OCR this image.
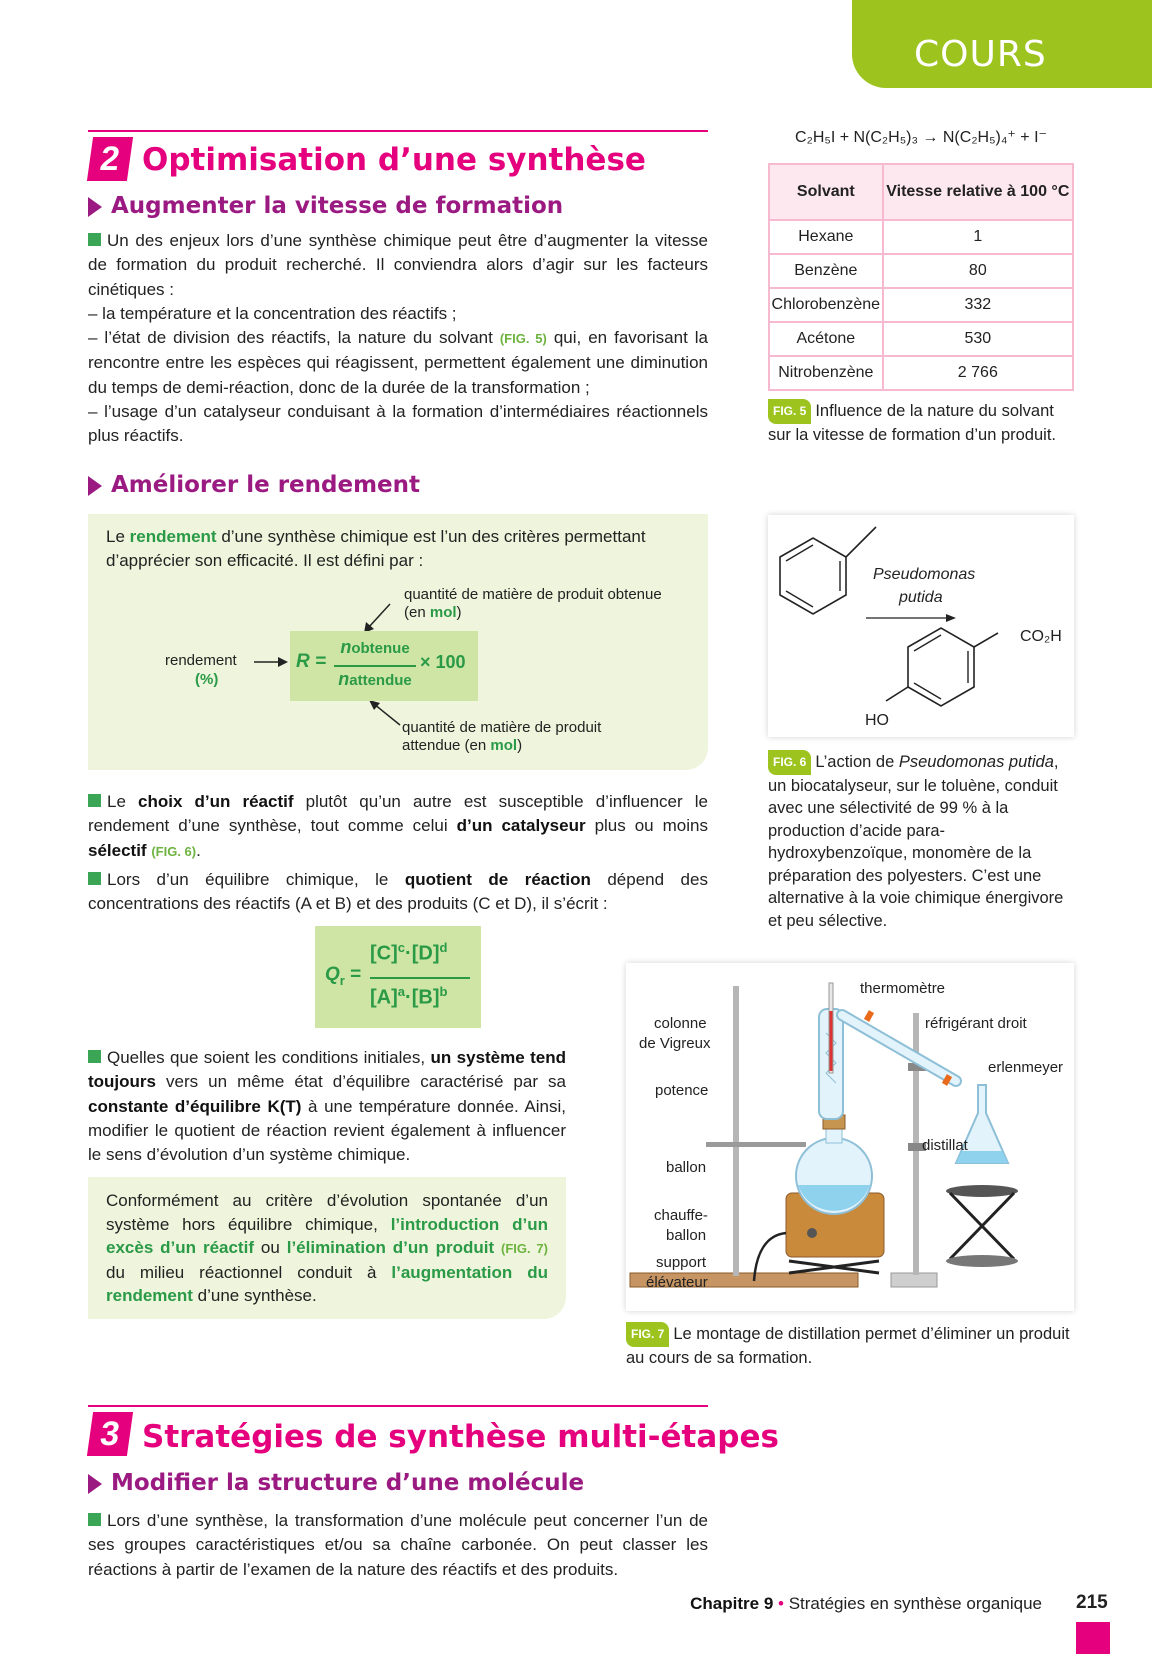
COURS
2 Optimisation d’une synthèse
Augmenter la vitesse de formation
Un des enjeux lors d’une synthèse chimique peut être d’augmenter la vitesse de formation du produit recherché. Il conviendra alors d’agir sur les facteurs cinétiques :
– la température et la concentration des réactifs ;
– l’état de division des réactifs, la nature du solvant (FIG. 5) qui, en favorisant la rencontre entre les espèces qui réagissent, permettent également une diminution du temps de demi-réaction, donc de la durée de la transformation ;
– l’usage d’un catalyseur conduisant à la formation d’intermédiaires réactionnels plus réactifs.
Améliorer le rendement
Le rendement d’une synthèse chimique est l’un des critères permettant d’apprécier son efficacité. Il est défini par :
quantité de matière de produit obtenue (en mol)
quantité de matière de produit attendue (en mol)
rendement
(%)
R =
nobtenue
nattendue
× 100
Le choix d’un réactif plutôt qu’un autre est susceptible d’influencer le rendement d’une synthèse, tout comme celui d’un catalyseur plus ou moins sélectif (FIG. 6).
Lors d’un équilibre chimique, le quotient de réaction dépend des concentrations des réactifs (A et B) et des produits (C et D), il s’écrit :
$Q_r$ =
$[C]^c\cdot[D]^d$
$[A]^a\cdot[B]^b$
Quelles que soient les conditions initiales, un système tend toujours vers un même état d’équilibre caractérisé par sa constante d’équilibre K(T) à une température donnée. Ainsi, modifier le quotient de réaction revient également à influencer le sens d’évolution d’un système chimique.
Conformément au critère d’évolution spontanée d’un système hors équilibre chimique, l’introduction d’un excès d’un réactif ou l’élimination d’un produit (FIG. 7) du milieu réactionnel conduit à l’augmentation du rendement d’une synthèse.
C₂H₅I + N(C₂H₅)₃ → N(C₂H₅)₄⁺ + I⁻
Solvant	Vitesse relative à 100 °C
Hexane	1
Benzène	80
Chlorobenzène	332
Acétone	530
Nitrobenzène	2 766
FIG. 5 Influence de la nature du solvant sur la vitesse de formation d’un produit.
Pseudomonas
putida
CO₂H
HO
FIG. 6 L’action de Pseudomonas putida, un biocatalyseur, sur le toluène, conduit avec une sélectivité de 99 % à la production d’acide para-hydroxybenzoïque, monomère de la préparation des polyesters. C’est une alternative à la voie chimique énergivore et peu sélective.
thermomètre
colonne
de Vigreux
réfrigérant droit
erlenmeyer
potence
distillat
ballon
chauffe-
ballon
support
élévateur
FIG. 7 Le montage de distillation permet d’éliminer un produit au cours de sa formation.
3 Stratégies de synthèse multi-étapes
Modifier la structure d’une molécule
Lors d’une synthèse, la transformation d’une molécule peut concerner l’un de ses groupes caractéristiques et/ou sa chaîne carbonée. On peut classer les réactions à partir de l’examen de la nature des réactifs et des produits.
Chapitre 9 • Stratégies en synthèse organique 215
